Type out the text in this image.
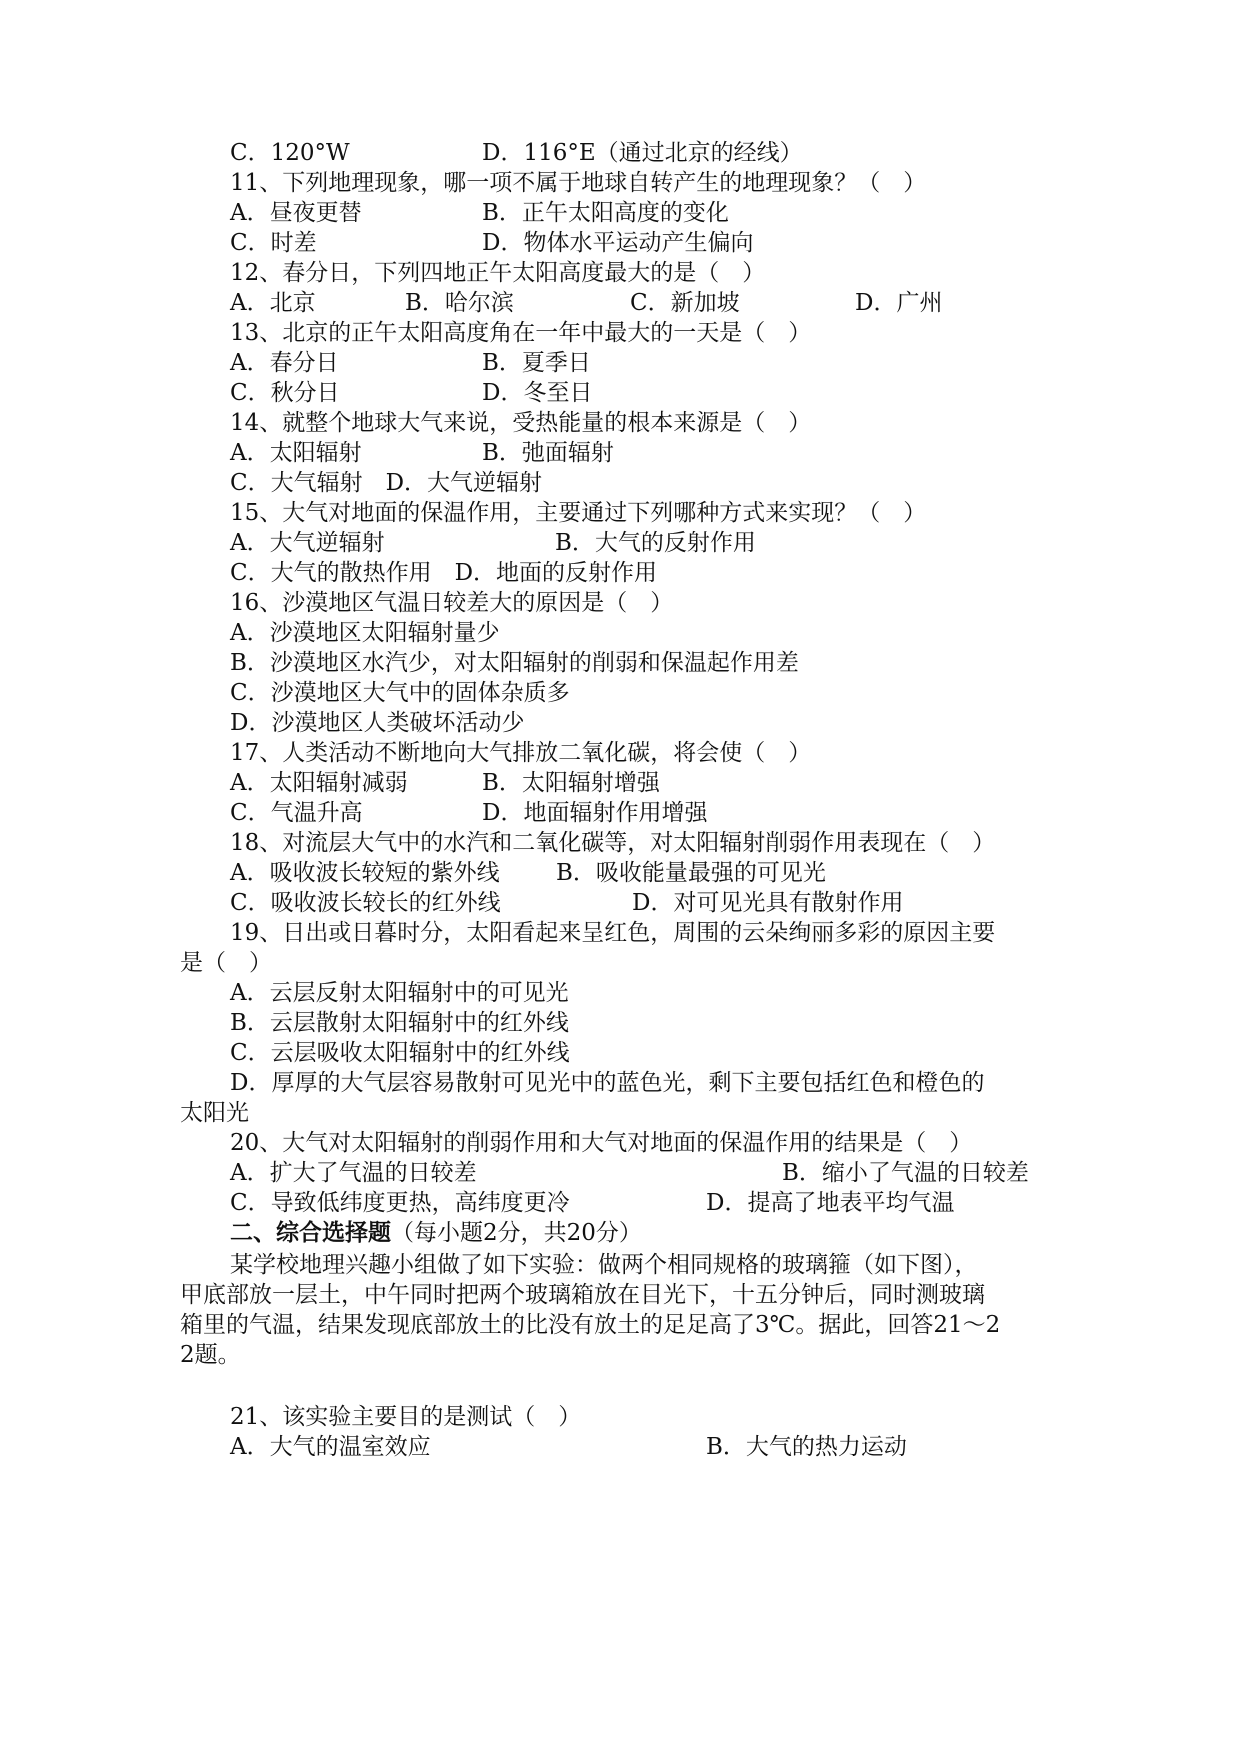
C．120°W	D．116°E（通过北京的经线）
11、下列地理现象，哪一项不属于地球自转产生的地理现象？（　）
A．昼夜更替	B．正午太阳高度的变化
C．时差	D．物体水平运动产生偏向
12、春分日，下列四地正午太阳高度最大的是（　）
A．北京	B．哈尔滨	C．新加坡	D．广州
13、北京的正午太阳高度角在一年中最大的一天是（　）
A．春分日	B．夏季日
C．秋分日	D．冬至日
14、就整个地球大气来说，受热能量的根本来源是（　）
A．太阳辐射	B．弛面辐射
C．大气辐射　D．大气逆辐射
15、大气对地面的保温作用，主要通过下列哪种方式来实现？（　）
A．大气逆辐射	B．大气的反射作用
C．大气的散热作用　D．地面的反射作用
16、沙漠地区气温日较差大的原因是（　）
A．沙漠地区太阳辐射量少
B．沙漠地区水汽少，对太阳辐射的削弱和保温起作用差
C．沙漠地区大气中的固体杂质多
D．沙漠地区人类破坏活动少
17、人类活动不断地向大气排放二氧化碳，将会使（　）
A．太阳辐射减弱	B．太阳辐射增强
C．气温升高	D．地面辐射作用增强
18、对流层大气中的水汽和二氧化碳等，对太阳辐射削弱作用表现在（　）
A．吸收波长较短的紫外线 B．吸收能量最强的可见光
C．吸收波长较长的红外线	D．对可见光具有散射作用
19、日出或日暮时分，太阳看起来呈红色，周围的云朵绚丽多彩的原因主要
是（　）
A．云层反射太阳辐射中的可见光
B．云层散射太阳辐射中的红外线
C．云层吸收太阳辐射中的红外线
D．厚厚的大气层容易散射可见光中的蓝色光，剩下主要包括红色和橙色的
太阳光
20、大气对太阳辐射的削弱作用和大气对地面的保温作用的结果是（　）
A．扩大了气温的日较差	B．缩小了气温的日较差
C．导致低纬度更热，高纬度更冷	D．提高了地表平均气温
二、综合选择题（每小题2分，共20分）
某学校地理兴趣小组做了如下实验：做两个相同规格的玻璃箍（如下图），
甲底部放一层土，中午同时把两个玻璃箱放在目光下，十五分钟后，同时测玻璃
箱里的气温，结果发现底部放土的比没有放土的足足高了3℃。据此，回答21～2
2题。
21、该实验主要目的是测试（　）
A．大气的温室效应	B．大气的热力运动
